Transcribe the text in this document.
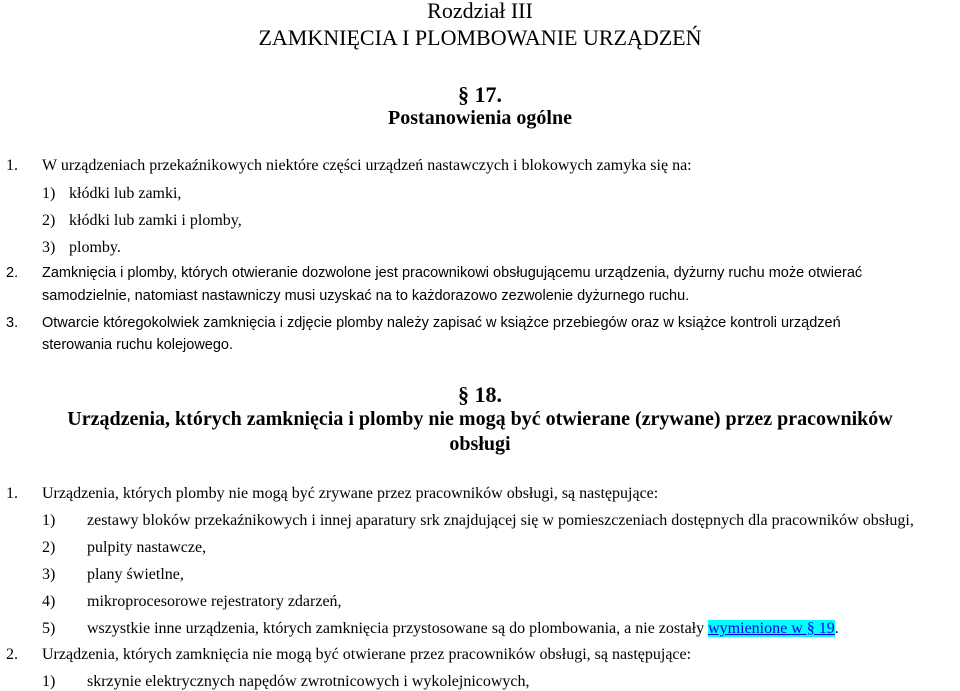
Rozdział III
ZAMKNIĘCIA I PLOMBOWANIE URZĄDZEŃ
§ 17.
Postanowienia ogólne
1. W urządzeniach przekaźnikowych niektóre części urządzeń nastawczych i blokowych zamyka się na:
1) kłódki lub zamki,
2) kłódki lub zamki i plomby,
3) plomby.
2. Zamknięcia i plomby, których otwieranie dozwolone jest pracownikowi obsługującemu urządzenia, dyżurny ruchu może otwierać
samodzielnie, natomiast nastawniczy musi uzyskać na to każdorazowo zezwolenie dyżurnego ruchu.
3. Otwarcie któregokolwiek zamknięcia i zdjęcie plomby należy zapisać w książce przebiegów oraz w książce kontroli urządzeń
sterowania ruchu kolejowego.
§ 18.
Urządzenia, których zamknięcia i plomby nie mogą być otwierane (zrywane) przez pracowników
obsługi
1. Urządzenia, których plomby nie mogą być zrywane przez pracowników obsługi, są następujące:
1) zestawy bloków przekaźnikowych i innej aparatury srk znajdującej się w pomieszczeniach dostępnych dla pracowników obsługi,
2) pulpity nastawcze,
3) plany świetlne,
4) mikroprocesorowe rejestratory zdarzeń,
5) wszystkie inne urządzenia, których zamknięcia przystosowane są do plombowania, a nie zostały wymienione w § 19.
2. Urządzenia, których zamknięcia nie mogą być otwierane przez pracowników obsługi, są następujące:
1) skrzynie elektrycznych napędów zwrotnicowych i wykolejnicowych,
